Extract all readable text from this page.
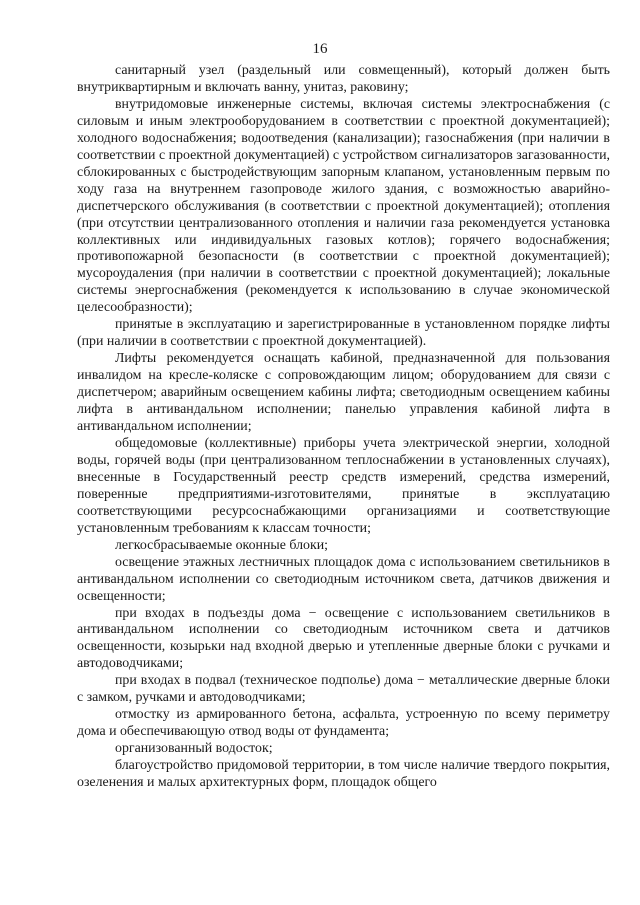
16

санитарный узел (раздельный или совмещенный), который должен быть внутриквартирным и включать ванну, унитаз, раковину;

внутридомовые инженерные системы, включая системы электроснабжения (с силовым и иным электрооборудованием в соответствии с проектной документацией); холодного водоснабжения; водоотведения (канализации); газоснабжения (при наличии в соответствии с проектной документацией) с устройством сигнализаторов загазованности, сблокированных с быстродействующим запорным клапаном, установленным первым по ходу газа на внутреннем газопроводе жилого здания, с возможностью аварийно-диспетчерского обслуживания (в соответствии с проектной документацией); отопления (при отсутствии централизованного отопления и наличии газа рекомендуется установка коллективных или индивидуальных газовых котлов); горячего водоснабжения; противопожарной безопасности (в соответствии с проектной документацией); мусороудаления (при наличии в соответствии с проектной документацией); локальные системы энергоснабжения (рекомендуется к использованию в случае экономической целесообразности);

принятые в эксплуатацию и зарегистрированные в установленном порядке лифты (при наличии в соответствии с проектной документацией).

Лифты рекомендуется оснащать кабиной, предназначенной для пользования инвалидом на кресле-коляске с сопровождающим лицом; оборудованием для связи с диспетчером; аварийным освещением кабины лифта; светодиодным освещением кабины лифта в антивандальном исполнении; панелью управления кабиной лифта в антивандальном исполнении;

общедомовые (коллективные) приборы учета электрической энергии, холодной воды, горячей воды (при централизованном теплоснабжении в установленных случаях), внесенные в Государственный реестр средств измерений, средства измерений, поверенные предприятиями-изготовителями, принятые в эксплуатацию соответствующими ресурсоснабжающими организациями и соответствующие установленным требованиям к классам точности;

легкосбрасываемые оконные блоки;

освещение этажных лестничных площадок дома с использованием светильников в антивандальном исполнении со светодиодным источником света, датчиков движения и освещенности;

при входах в подъезды дома − освещение с использованием светильников в антивандальном исполнении со светодиодным источником света и датчиков освещенности, козырьки над входной дверью и утепленные дверные блоки с ручками и автодоводчиками;

при входах в подвал (техническое подполье) дома − металлические дверные блоки с замком, ручками и автодоводчиками;

отмостку из армированного бетона, асфальта, устроенную по всему периметру дома и обеспечивающую отвод воды от фундамента;

организованный водосток;

благоустройство придомовой территории, в том числе наличие твердого покрытия, озеленения и малых архитектурных форм, площадок общего
